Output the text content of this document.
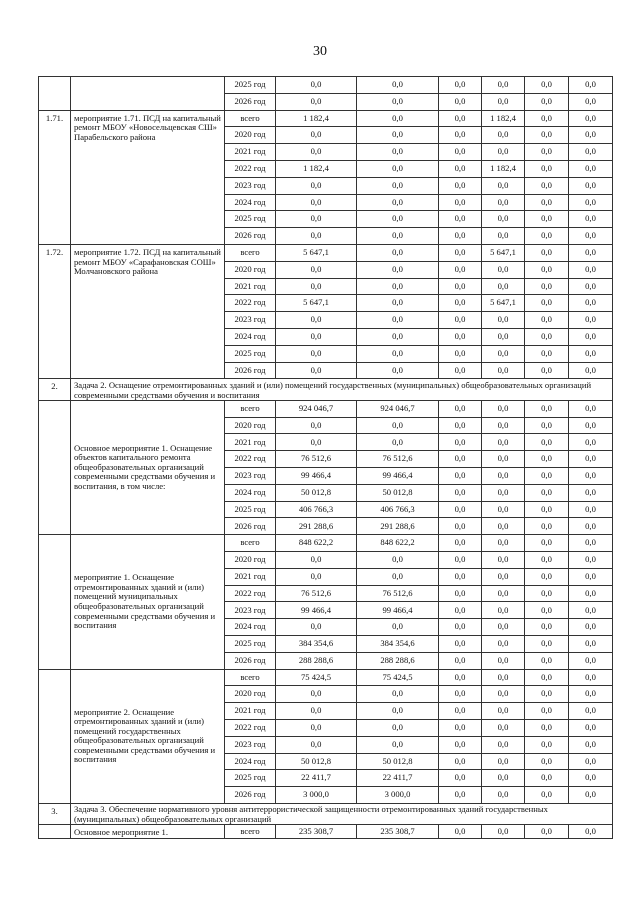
30
		2025 год	0,0	0,0	0,0	0,0	0,0	0,0
		2026 год	0,0	0,0	0,0	0,0	0,0	0,0
1.71.	мероприятие 1.71. ПСД на капитальный ремонт МБОУ «Новосельцевская СШ» Парабельского района	всего	1 182,4	0,0	0,0	1 182,4	0,0	0,0
		2020 год	0,0	0,0	0,0	0,0	0,0	0,0
		2021 год	0,0	0,0	0,0	0,0	0,0	0,0
		2022 год	1 182,4	0,0	0,0	1 182,4	0,0	0,0
		2023 год	0,0	0,0	0,0	0,0	0,0	0,0
		2024 год	0,0	0,0	0,0	0,0	0,0	0,0
		2025 год	0,0	0,0	0,0	0,0	0,0	0,0
		2026 год	0,0	0,0	0,0	0,0	0,0	0,0
1.72.	мероприятие 1.72. ПСД на капитальный ремонт МБОУ «Сарафановская СОШ» Молчановского района	всего	5 647,1	0,0	0,0	5 647,1	0,0	0,0
		2020 год	0,0	0,0	0,0	0,0	0,0	0,0
		2021 год	0,0	0,0	0,0	0,0	0,0	0,0
		2022 год	5 647,1	0,0	0,0	5 647,1	0,0	0,0
		2023 год	0,0	0,0	0,0	0,0	0,0	0,0
		2024 год	0,0	0,0	0,0	0,0	0,0	0,0
		2025 год	0,0	0,0	0,0	0,0	0,0	0,0
		2026 год	0,0	0,0	0,0	0,0	0,0	0,0
2.	Задача 2. Оснащение отремонтированных зданий и (или) помещений государственных (муниципальных) общеобразовательных организаций современными средствами обучения и воспитания							
	Основное мероприятие 1. Оснащение объектов капитального ремонта общеобразовательных организаций современными средствами обучения и воспитания, в том числе:	всего	924 046,7	924 046,7	0,0	0,0	0,0	0,0
		2020 год	0,0	0,0	0,0	0,0	0,0	0,0
		2021 год	0,0	0,0	0,0	0,0	0,0	0,0
		2022 год	76 512,6	76 512,6	0,0	0,0	0,0	0,0
		2023 год	99 466,4	99 466,4	0,0	0,0	0,0	0,0
		2024 год	50 012,8	50 012,8	0,0	0,0	0,0	0,0
		2025 год	406 766,3	406 766,3	0,0	0,0	0,0	0,0
		2026 год	291 288,6	291 288,6	0,0	0,0	0,0	0,0
	мероприятие 1. Оснащение отремонтированных зданий и (или) помещений муниципальных общеобразовательных организаций современными средствами обучения и воспитания	всего	848 622,2	848 622,2	0,0	0,0	0,0	0,0
		2020 год	0,0	0,0	0,0	0,0	0,0	0,0
		2021 год	0,0	0,0	0,0	0,0	0,0	0,0
		2022 год	76 512,6	76 512,6	0,0	0,0	0,0	0,0
		2023 год	99 466,4	99 466,4	0,0	0,0	0,0	0,0
		2024 год	0,0	0,0	0,0	0,0	0,0	0,0
		2025 год	384 354,6	384 354,6	0,0	0,0	0,0	0,0
		2026 год	288 288,6	288 288,6	0,0	0,0	0,0	0,0
	мероприятие 2. Оснащение отремонтированных зданий и (или) помещений государственных общеобразовательных организаций современными средствами обучения и воспитания	всего	75 424,5	75 424,5	0,0	0,0	0,0	0,0
		2020 год	0,0	0,0	0,0	0,0	0,0	0,0
		2021 год	0,0	0,0	0,0	0,0	0,0	0,0
		2022 год	0,0	0,0	0,0	0,0	0,0	0,0
		2023 год	0,0	0,0	0,0	0,0	0,0	0,0
		2024 год	50 012,8	50 012,8	0,0	0,0	0,0	0,0
		2025 год	22 411,7	22 411,7	0,0	0,0	0,0	0,0
		2026 год	3 000,0	3 000,0	0,0	0,0	0,0	0,0
3.	Задача 3. Обеспечение нормативного уровня антитеррористической защищенности отремонтированных зданий государственных (муниципальных) общеобразовательных организаций							
	Основное мероприятие 1.	всего	235 308,7	235 308,7	0,0	0,0	0,0	0,0
